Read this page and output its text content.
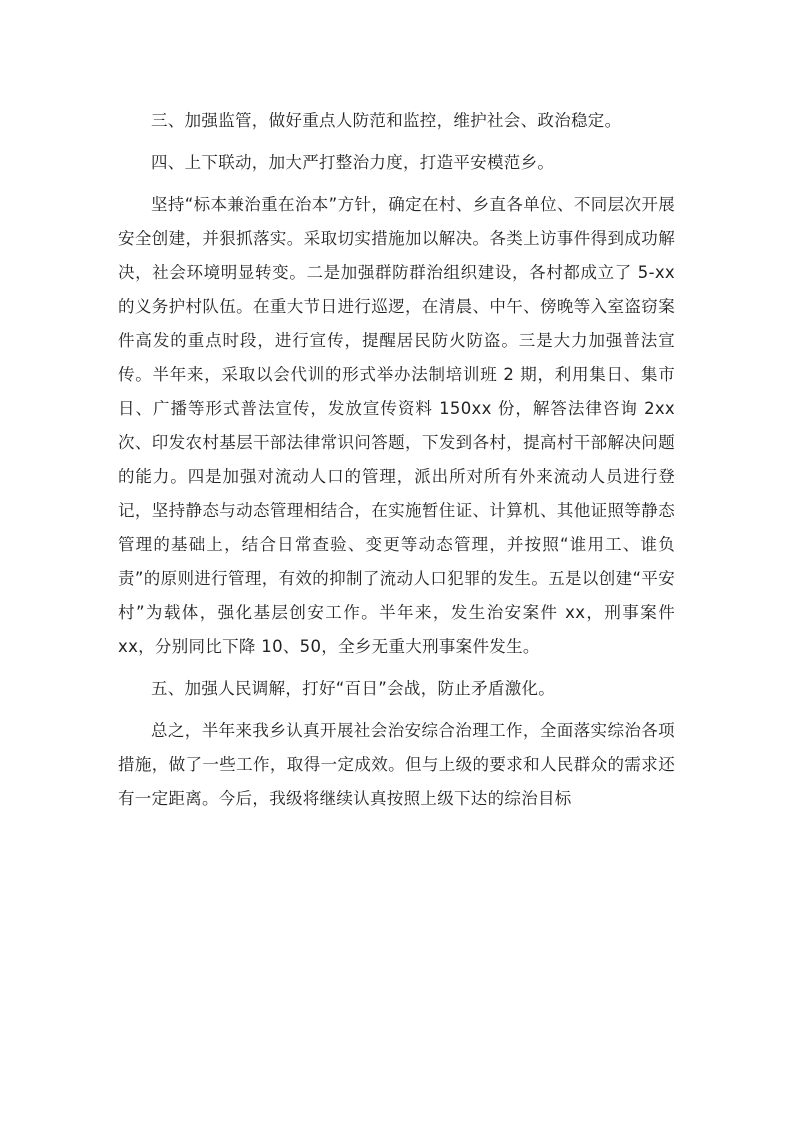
三、加强监管，做好重点人防范和监控，维护社会、政治稳定。

四、上下联动，加大严打整治力度，打造平安模范乡。

坚持“标本兼治重在治本”方针，确定在村、乡直各单位、不同层次开展安全创建，并狠抓落实。采取切实措施加以解决。各类上访事件得到成功解决，社会环境明显转变。二是加强群防群治组织建设，各村都成立了 5-xx 的义务护村队伍。在重大节日进行巡逻，在清晨、中午、傍晚等入室盗窃案件高发的重点时段，进行宣传，提醒居民防火防盗。三是大力加强普法宣传。半年来，采取以会代训的形式举办法制培训班 2 期，利用集日、集市日、广播等形式普法宣传，发放宣传资料 150xx 份，解答法律咨询 2xx 次、印发农村基层干部法律常识问答题，下发到各村，提高村干部解决问题的能力。四是加强对流动人口的管理，派出所对所有外来流动人员进行登记，坚持静态与动态管理相结合，在实施暂住证、计算机、其他证照等静态管理的基础上，结合日常查验、变更等动态管理，并按照“谁用工、谁负责”的原则进行管理，有效的抑制了流动人口犯罪的发生。五是以创建“平安村”为载体，强化基层创安工作。半年来，发生治安案件 xx，刑事案件 xx，分别同比下降 10、50，全乡无重大刑事案件发生。

五、加强人民调解，打好“百日”会战，防止矛盾激化。

总之，半年来我乡认真开展社会治安综合治理工作，全面落实综治各项措施，做了一些工作，取得一定成效。但与上级的要求和人民群众的需求还有一定距离。今后，我级将继续认真按照上级下达的综治目标
